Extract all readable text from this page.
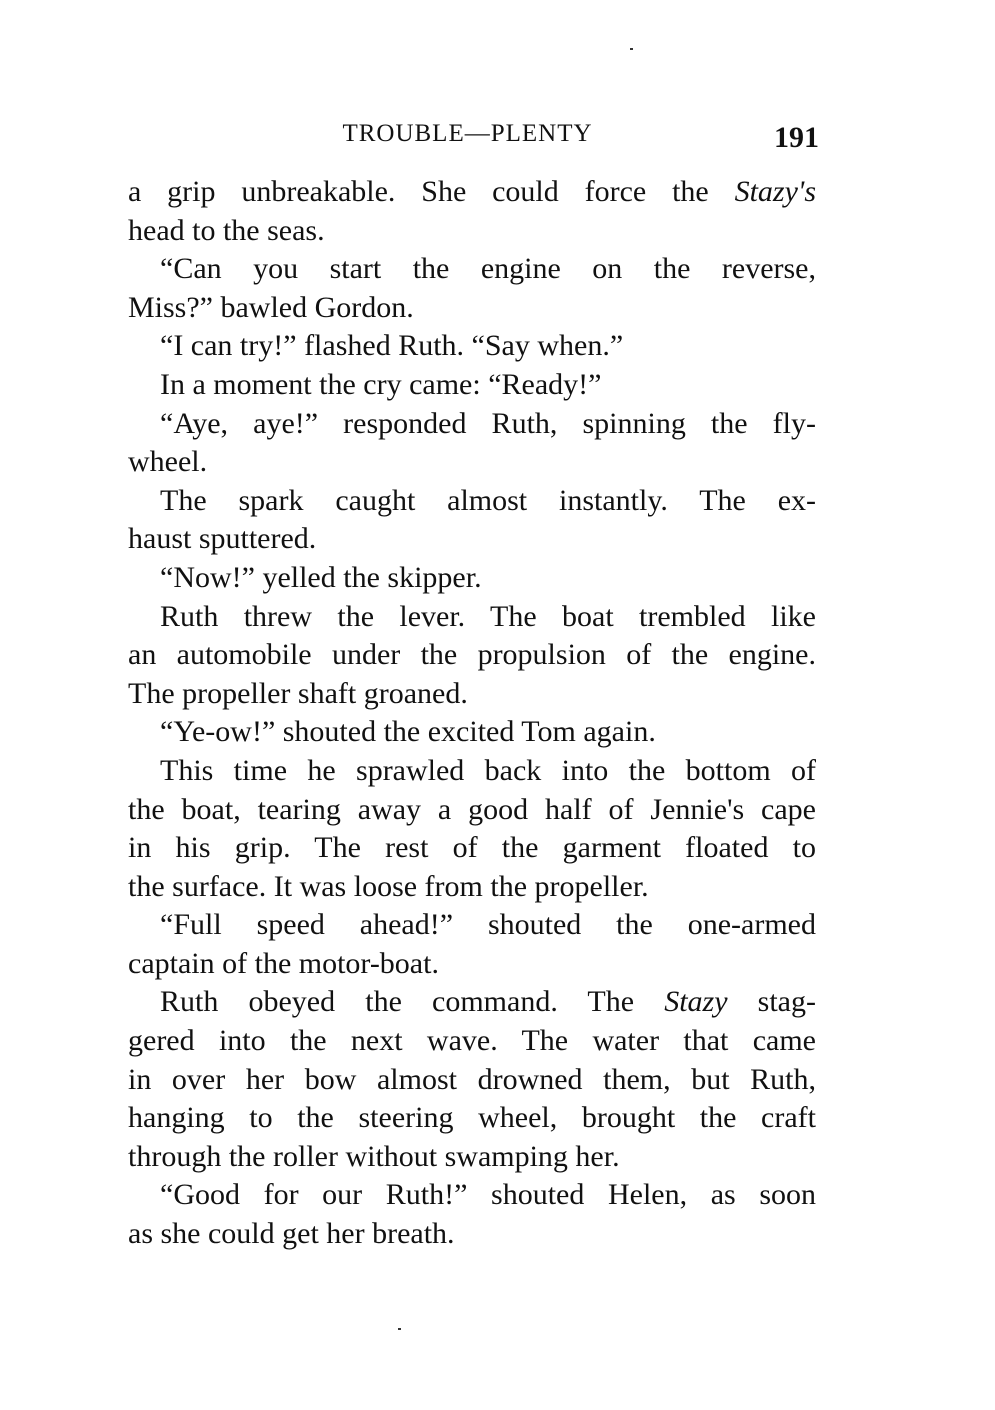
TROUBLE—PLENTY	191
a grip unbreakable. She could force the Stazy's
head to the seas.
“Can you start the engine on the reverse,
Miss?” bawled Gordon.
“I can try!” flashed Ruth. “Say when.”
In a moment the cry came: “Ready!”
“Aye, aye!” responded Ruth, spinning the fly-
wheel.
The spark caught almost instantly. The ex-
haust sputtered.
“Now!” yelled the skipper.
Ruth threw the lever. The boat trembled like
an automobile under the propulsion of the engine.
The propeller shaft groaned.
“Ye-ow!” shouted the excited Tom again.
This time he sprawled back into the bottom of
the boat, tearing away a good half of Jennie's cape
in his grip. The rest of the garment floated to
the surface. It was loose from the propeller.
“Full speed ahead!” shouted the one-armed
captain of the motor-boat.
Ruth obeyed the command. The Stazy stag-
gered into the next wave. The water that came
in over her bow almost drowned them, but Ruth,
hanging to the steering wheel, brought the craft
through the roller without swamping her.
“Good for our Ruth!” shouted Helen, as soon
as she could get her breath.
